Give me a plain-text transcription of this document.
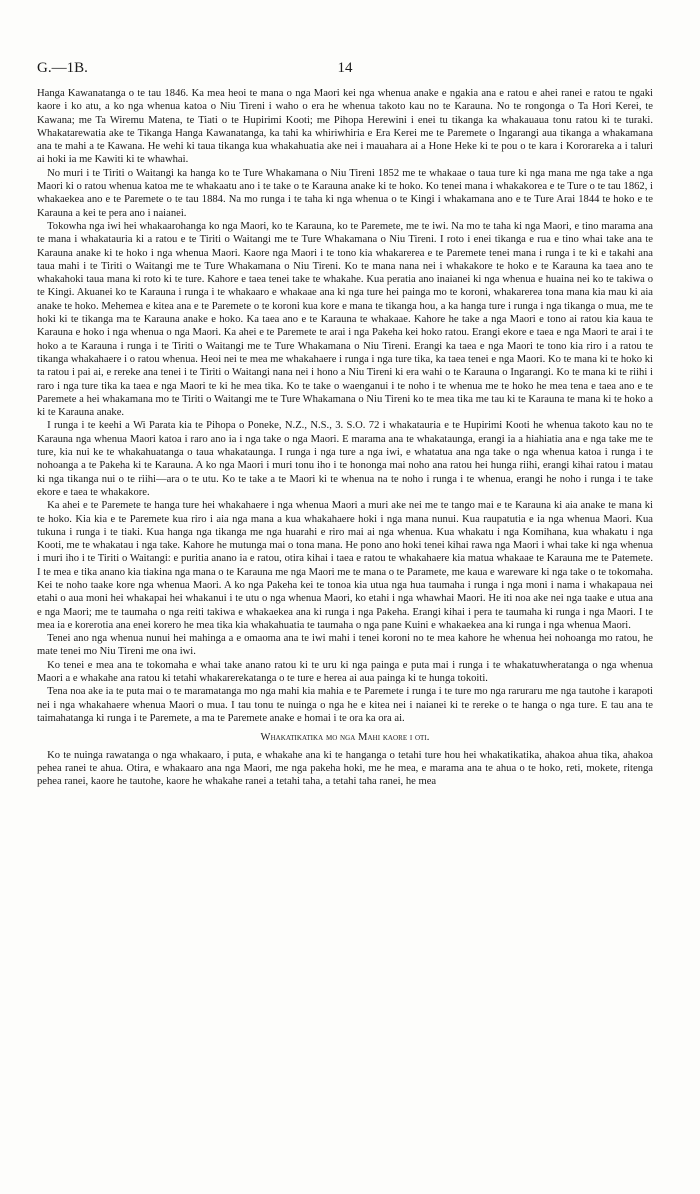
G.—1B.	14

Hanga Kawanatanga o te tau 1846. Ka mea heoi te mana o nga Maori kei nga whenua anake e ngakia ana e ratou e ahei ranei e ratou te ngaki kaore i ko atu, a ko nga whenua katoa o Niu Tireni i waho o era he whenua takoto kau no te Karauna. No te rongonga o Ta Hori Kerei, te Kawana; me Ta Wiremu Matena, te Tiati o te Hupirimi Kooti; me Pihopa Herewini i enei tu tikanga ka whakauaua tonu ratou ki te turaki. Whakatarewatia ake te Tikanga Hanga Kawanatanga, ka tahi ka whiriwhiria e Era Kerei me te Paremete o Ingarangi aua tikanga a whakamana ana te mahi a te Kawana. He wehi ki taua tikanga kua whakahuatia ake nei i mauahara ai a Hone Heke ki te pou o te kara i Kororareka a i taluri ai hoki ia me Kawiti ki te whawhai.

No muri i te Tiriti o Waitangi ka hanga ko te Ture Whakamana o Niu Tireni 1852 me te whakaae o taua ture ki nga mana me nga take a nga Maori ki o ratou whenua katoa me te whakaatu ano i te take o te Karauna anake ki te hoko. Ko tenei mana i whakakorea e te Ture o te tau 1862, i whakaekea ano e te Paremete o te tau 1884. Na mo runga i te taha ki nga whenua o te Kingi i whakamana ano e te Ture Arai 1844 te hoko e te Karauna a kei te pera ano i naianei.

Tokowha nga iwi hei whakaarohanga ko nga Maori, ko te Karauna, ko te Paremete, me te iwi. Na mo te taha ki nga Maori, e tino marama ana te mana i whakatauria ki a ratou e te Tiriti o Waitangi me te Ture Whakamana o Niu Tireni. I roto i enei tikanga e rua e tino whai take ana te Karauna anake ki te hoko i nga whenua Maori. Kaore nga Maori i te tono kia whakarerea e te Paremete tenei mana i runga i te ki e takahi ana taua mahi i te Tiriti o Waitangi me te Ture Whakamana o Niu Tireni. Ko te mana nana nei i whakakore te hoko e te Karauna ka taea ano te whakahoki taua mana ki roto ki te ture. Kahore e taea tenei take te whakahe. Kua peratia ano inaianei ki nga whenua e huaina nei ko te takiwa o te Kingi. Akuanei ko te Karauna i runga i te whakaaro e whakaae ana ki nga ture hei painga mo te koroni, whakarerea tona mana kia mau ki aia anake te hoko. Mehemea e kitea ana e te Paremete o te koroni kua kore e mana te tikanga hou, a ka hanga ture i runga i nga tikanga o mua, me te hoki ki te tikanga ma te Karauna anake e hoko. Ka taea ano e te Karauna te whakaae. Kahore he take a nga Maori e tono ai ratou kia kaua te Karauna e hoko i nga whenua o nga Maori. Ka ahei e te Paremete te arai i nga Pakeha kei hoko ratou. Erangi ekore e taea e nga Maori te arai i te hoko a te Karauna i runga i te Tiriti o Waitangi me te Ture Whakamana o Niu Tireni. Erangi ka taea e nga Maori te tono kia riro i a ratou te tikanga whakahaere i o ratou whenua. Heoi nei te mea me whakahaere i runga i nga ture tika, ka taea tenei e nga Maori. Ko te mana ki te hoko ki ta ratou i pai ai, e rereke ana tenei i te Tiriti o Waitangi nana nei i hono a Niu Tireni ki era wahi o te Karauna o Ingarangi. Ko te mana ki te riihi i raro i nga ture tika ka taea e nga Maori te ki he mea tika. Ko te take o waenganui i te noho i te whenua me te hoko he mea tena e taea ano e te Paremete a hei whakamana mo te Tiriti o Waitangi me te Ture Whakamana o Niu Tireni ko te mea tika me tau ki te Karauna te mana ki te hoko a ki te Karauna anake.

I runga i te keehi a Wi Parata kia te Pihopa o Poneke, N.Z., N.S., 3. S.O. 72 i whakatauria e te Hupirimi Kooti he whenua takoto kau no te Karauna nga whenua Maori katoa i raro ano ia i nga take o nga Maori. E marama ana te whakataunga, erangi ia a hiahiatia ana e nga take me te ture, kia nui ke te whakahuatanga o taua whakataunga. I runga i nga ture a nga iwi, e whatatua ana nga take o nga whenua katoa i runga i te nohoanga a te Pakeha ki te Karauna. A ko nga Maori i muri tonu iho i te hononga mai noho ana ratou hei hunga riihi, erangi kihai ratou i matau ki nga tikanga nui o te riihi—ara o te utu. Ko te take a te Maori ki te whenua na te noho i runga i te whenua, erangi he noho i runga i te take ekore e taea te whakakore.

Ka ahei e te Paremete te hanga ture hei whakahaere i nga whenua Maori a muri ake nei me te tango mai e te Karauna ki aia anake te mana ki te hoko. Kia kia e te Paremete kua riro i aia nga mana a kua whakahaere hoki i nga mana nunui. Kua raupatutia e ia nga whenua Maori. Kua tukuna i runga i te tiaki. Kua hanga nga tikanga me nga huarahi e riro mai ai nga whenua. Kua whakatu i nga Komihana, kua whakatu i nga Kooti, me te whakatau i nga take. Kahore he mutunga mai o tona mana. He pono ano hoki tenei kihai rawa nga Maori i whai take ki nga whenua i muri iho i te Tiriti o Waitangi: e puritia anano ia e ratou, otira kihai i taea e ratou te whakahaere kia matua whakaae te Karauna me te Patemete. I te mea e tika anano kia tiakina nga mana o te Karauna me nga Maori me te mana o te Paramete, me kaua e wareware ki nga take o te tokomaha. Kei te noho taake kore nga whenua Maori. A ko nga Pakeha kei te tonoa kia utua nga hua taumaha i runga i nga moni i nama i whakapaua nei etahi o aua moni hei whakapai hei whakanui i te utu o nga whenua Maori, ko etahi i nga whawhai Maori. He iti noa ake nei nga taake e utua ana e nga Maori; me te taumaha o nga reiti takiwa e whakaekea ana ki runga i nga Pakeha. Erangi kihai i pera te taumaha ki runga i nga Maori. I te mea ia e korerotia ana enei korero he mea tika kia whakahuatia te taumaha o nga pane Kuini e whakaekea ana ki runga i nga whenua Maori.

Tenei ano nga whenua nunui hei mahinga a e omaoma ana te iwi mahi i tenei koroni no te mea kahore he whenua hei nohoanga mo ratou, he mate tenei mo Niu Tireni me ona iwi.

Ko tenei e mea ana te tokomaha e whai take anano ratou ki te uru ki nga painga e puta mai i runga i te whakatuwheratanga o nga whenua Maori a e whakahe ana ratou ki tetahi whakarerekatanga o te ture e herea ai aua painga ki te hunga tokoiti.

Tena noa ake ia te puta mai o te maramatanga mo nga mahi kia mahia e te Paremete i runga i te ture mo nga raruraru me nga tautohe i karapoti nei i nga whakahaere whenua Maori o mua. I tau tonu te nuinga o nga he e kitea nei i naianei ki te rereke o te hanga o nga ture. E tau ana te taimahatanga ki runga i te Paremete, a ma te Paremete anake e homai i te ora ka ora ai.

Whakatikatika mo nga Mahi kaore i oti.

Ko te nuinga rawatanga o nga whakaaro, i puta, e whakahe ana ki te hanganga o tetahi ture hou hei whakatikatika, ahakoa ahua tika, ahakoa pehea ranei te ahua. Otira, e whakaaro ana nga Maori, me nga pakeha hoki, me he mea, e marama ana te ahua o te hoko, reti, mokete, ritenga pehea ranei, kaore he tautohe, kaore he whakahe ranei a tetahi taha, a tetahi taha ranei, he mea
